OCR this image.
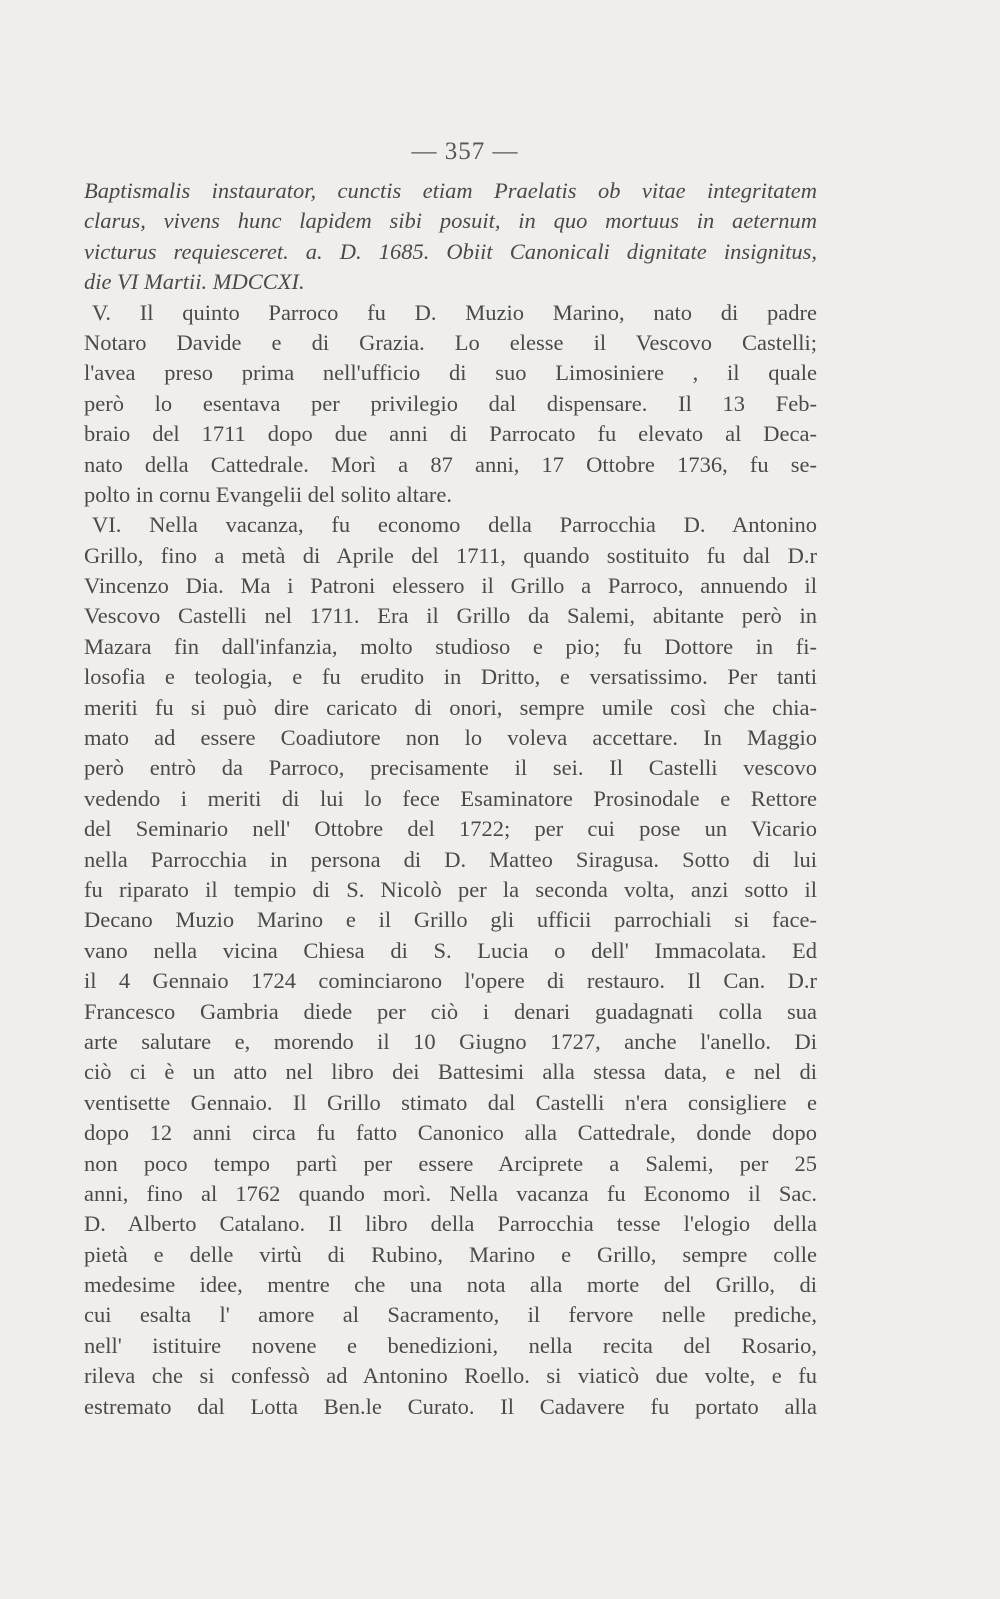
— 357 —
Baptismalis instaurator, cunctis etiam Praelatis ob vitae integritatem
clarus, vivens hunc lapidem sibi posuit, in quo mortuus in aeternum
victurus requiesceret. a. D. 1685. Obiit Canonicali dignitate insignitus,
die VI Martii. MDCCXI.
V. Il quinto Parroco fu D. Muzio Marino, nato di padre
Notaro Davide e di Grazia. Lo elesse il Vescovo Castelli;
l'avea preso prima nell'ufficio di suo Limosiniere , il quale
però lo esentava per privilegio dal dispensare. Il 13 Feb-
braio del 1711 dopo due anni di Parrocato fu elevato al Deca-
nato della Cattedrale. Morì a 87 anni, 17 Ottobre 1736, fu se-
polto in cornu Evangelii del solito altare.
VI. Nella vacanza, fu economo della Parrocchia D. Antonino
Grillo, fino a metà di Aprile del 1711, quando sostituito fu dal D.r
Vincenzo Dia. Ma i Patroni elessero il Grillo a Parroco, annuendo il
Vescovo Castelli nel 1711. Era il Grillo da Salemi, abitante però in
Mazara fin dall'infanzia, molto studioso e pio; fu Dottore in fi-
losofia e teologia, e fu erudito in Dritto, e versatissimo. Per tanti
meriti fu si può dire caricato di onori, sempre umile così che chia-
mato ad essere Coadiutore non lo voleva accettare. In Maggio
però entrò da Parroco, precisamente il sei. Il Castelli vescovo
vedendo i meriti di lui lo fece Esaminatore Prosinodale e Rettore
del Seminario nell' Ottobre del 1722; per cui pose un Vicario
nella Parrocchia in persona di D. Matteo Siragusa. Sotto di lui
fu riparato il tempio di S. Nicolò per la seconda volta, anzi sotto il
Decano Muzio Marino e il Grillo gli ufficii parrochiali si face-
vano nella vicina Chiesa di S. Lucia o dell' Immacolata. Ed
il 4 Gennaio 1724 cominciarono l'opere di restauro. Il Can. D.r
Francesco Gambria diede per ciò i denari guadagnati colla sua
arte salutare e, morendo il 10 Giugno 1727, anche l'anello. Di
ciò ci è un atto nel libro dei Battesimi alla stessa data, e nel di
ventisette Gennaio. Il Grillo stimato dal Castelli n'era consigliere e
dopo 12 anni circa fu fatto Canonico alla Cattedrale, donde dopo
non poco tempo partì per essere Arciprete a Salemi, per 25
anni, fino al 1762 quando morì. Nella vacanza fu Economo il Sac.
D. Alberto Catalano. Il libro della Parrocchia tesse l'elogio della
pietà e delle virtù di Rubino, Marino e Grillo, sempre colle
medesime idee, mentre che una nota alla morte del Grillo, di
cui esalta l' amore al Sacramento, il fervore nelle prediche,
nell' istituire novene e benedizioni, nella recita del Rosario,
rileva che si confessò ad Antonino Roello. si viaticò due volte, e fu
estremato dal Lotta Ben.le Curato. Il Cadavere fu portato alla
